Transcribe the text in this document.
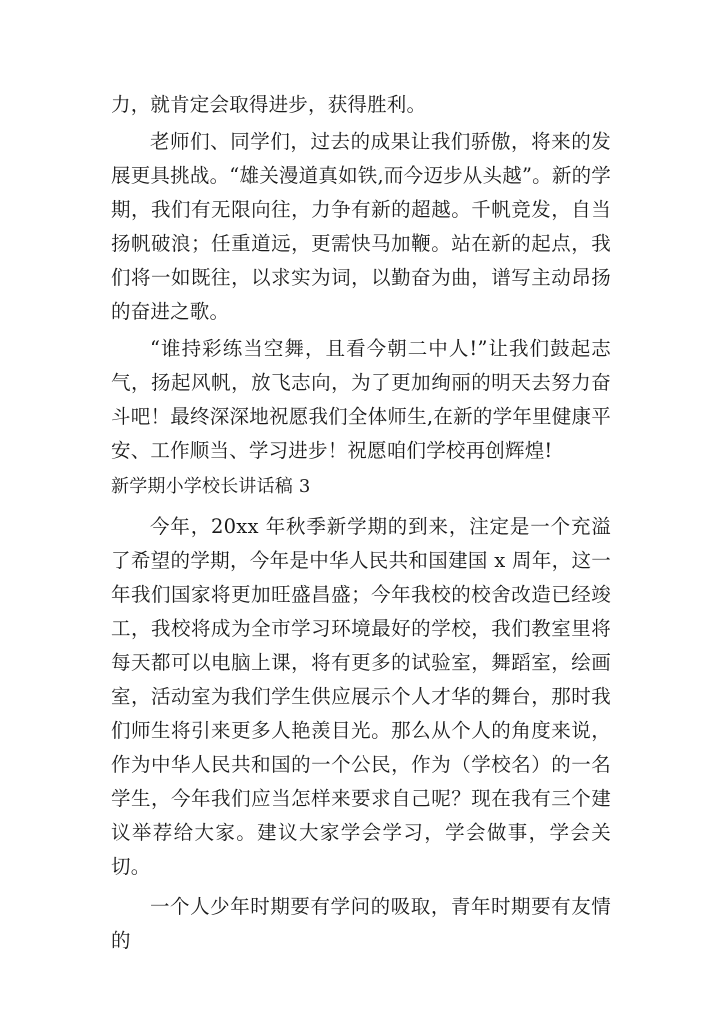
力，就肯定会取得进步，获得胜利。

老师们、同学们，过去的成果让我们骄傲，将来的发展更具挑战。“雄关漫道真如铁,而今迈步从头越”。新的学期，我们有无限向往，力争有新的超越。千帆竞发，自当扬帆破浪；任重道远，更需快马加鞭。站在新的起点，我们将一如既往，以求实为词，以勤奋为曲，谱写主动昂扬的奋进之歌。

“谁持彩练当空舞，且看今朝二中人!”让我们鼓起志气，扬起风帆，放飞志向，为了更加绚丽的明天去努力奋斗吧！最终深深地祝愿我们全体师生,在新的学年里健康平安、工作顺当、学习进步！祝愿咱们学校再创辉煌!

新学期小学校长讲话稿 3

今年，20xx 年秋季新学期的到来，注定是一个充溢了希望的学期，今年是中华人民共和国建国 x 周年，这一年我们国家将更加旺盛昌盛；今年我校的校舍改造已经竣工，我校将成为全市学习环境最好的学校，我们教室里将每天都可以电脑上课，将有更多的试验室，舞蹈室，绘画室，活动室为我们学生供应展示个人才华的舞台，那时我们师生将引来更多人艳羡目光。那么从个人的角度来说，作为中华人民共和国的一个公民，作为（学校名）的一名学生，今年我们应当怎样来要求自己呢？现在我有三个建议举荐给大家。建议大家学会学习，学会做事，学会关切。

一个人少年时期要有学问的吸取，青年时期要有友情的
